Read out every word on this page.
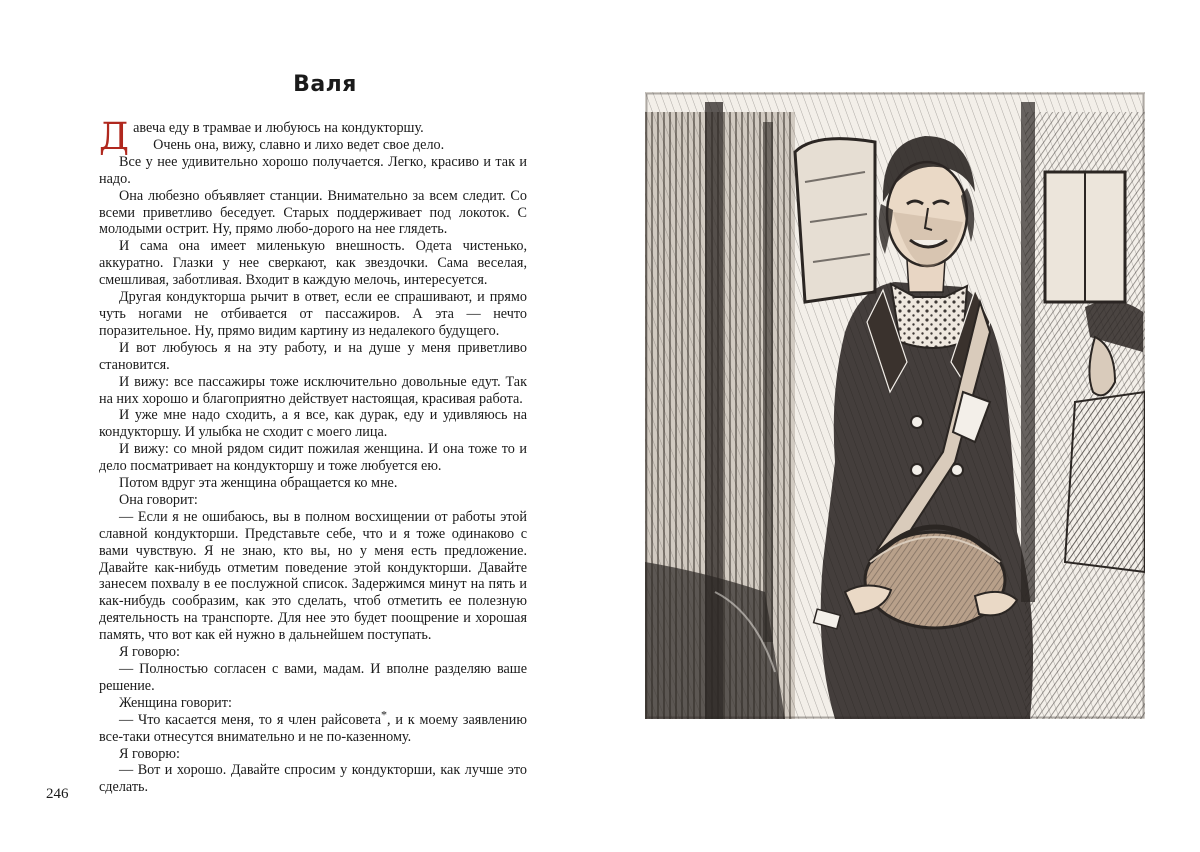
Валя

Давеча еду в трамвае и любуюсь на кондукторшу.

Очень она, вижу, славно и лихо ведет свое дело.

Все у нее удивительно хорошо получается. Легко, красиво и так и надо.

Она любезно объявляет станции. Внимательно за всем следит. Со всеми приветливо беседует. Старых поддерживает под локоток. С молодыми острит. Ну, прямо любо-дорого на нее глядеть.

И сама она имеет миленькую внешность. Одета чистенько, аккуратно. Глазки у нее сверкают, как звездочки. Сама веселая, смешливая, заботливая. Входит в каждую мелочь, интересуется.

Другая кондукторша рычит в ответ, если ее спрашивают, и прямо чуть ногами не отбивается от пассажиров. А эта — нечто поразительное. Ну, прямо видим картину из недалекого будущего.

И вот любуюсь я на эту работу, и на душе у меня приветливо становится.

И вижу: все пассажиры тоже исключительно довольные едут. Так на них хорошо и благоприятно действует настоящая, красивая работа.

И уже мне надо сходить, а я все, как дурак, еду и удивляюсь на кондукторшу. И улыбка не сходит с моего лица.

И вижу: со мной рядом сидит пожилая женщина. И она тоже то и дело посматривает на кондукторшу и тоже любуется ею.

Потом вдруг эта женщина обращается ко мне.

Она говорит:

— Если я не ошибаюсь, вы в полном восхищении от работы этой славной кондукторши. Представьте себе, что и я тоже одинаково с вами чувствую. Я не знаю, кто вы, но у меня есть предложение. Давайте как-нибудь отметим поведение этой кондукторши. Давайте занесем похвалу в ее послужной список. Задержимся минут на пять и как-нибудь сообразим, как это сделать, чтоб отметить ее полезную деятельность на транспорте. Для нее это будет поощрение и хорошая память, что вот как ей нужно в дальнейшем поступать.

Я говорю:

— Полностью согласен с вами, мадам. И вполне разделяю ваше решение.

Женщина говорит:

— Что касается меня, то я член райсовета*, и к моему заявлению все-таки отнесутся внимательно и не по-казенному.

Я говорю:

— Вот и хорошо. Давайте спросим у кондукторши, как лучше это сделать.

246
